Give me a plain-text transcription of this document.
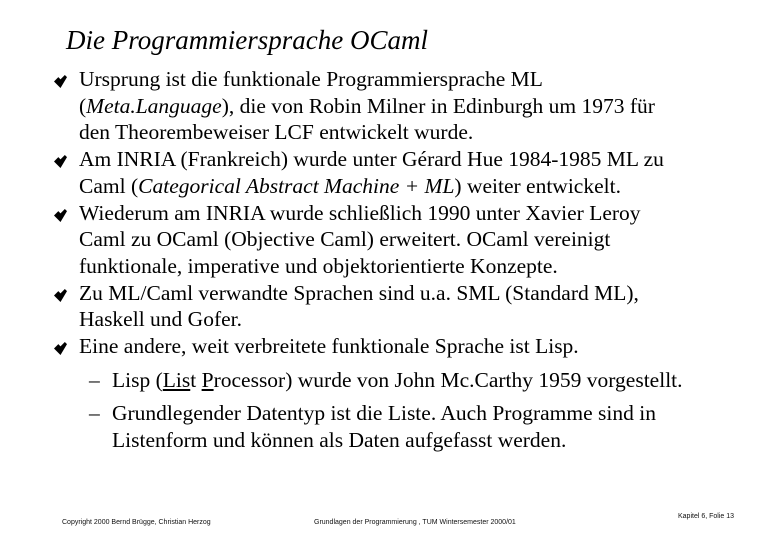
Die Programmiersprache OCaml
Ursprung ist die funktionale Programmiersprache ML
(Meta.Language), die von Robin Milner in Edinburgh um 1973 für
den Theorembeweiser LCF entwickelt wurde.
Am INRIA (Frankreich) wurde unter Gérard Hue 1984-1985 ML zu
Caml (Categorical Abstract Machine + ML) weiter entwickelt.
Wiederum am INRIA wurde schließlich 1990 unter Xavier Leroy
Caml zu OCaml (Objective Caml) erweitert. OCaml vereinigt
funktionale, imperative und objektorientierte Konzepte.
Zu ML/Caml verwandte Sprachen sind u.a. SML (Standard ML),
Haskell und Gofer.
Eine andere, weit verbreitete funktionale Sprache ist Lisp.
– Lisp (List Processor) wurde von John Mc.Carthy 1959 vorgestellt.
– Grundlegender Datentyp ist die Liste. Auch Programme sind in
Listenform und können als Daten aufgefasst werden.
Copyright 2000 Bernd Brügge, Christian Herzog	Grundlagen der Programmierung , TUM Wintersemester 2000/01
Kapitel 6, Folie 13
